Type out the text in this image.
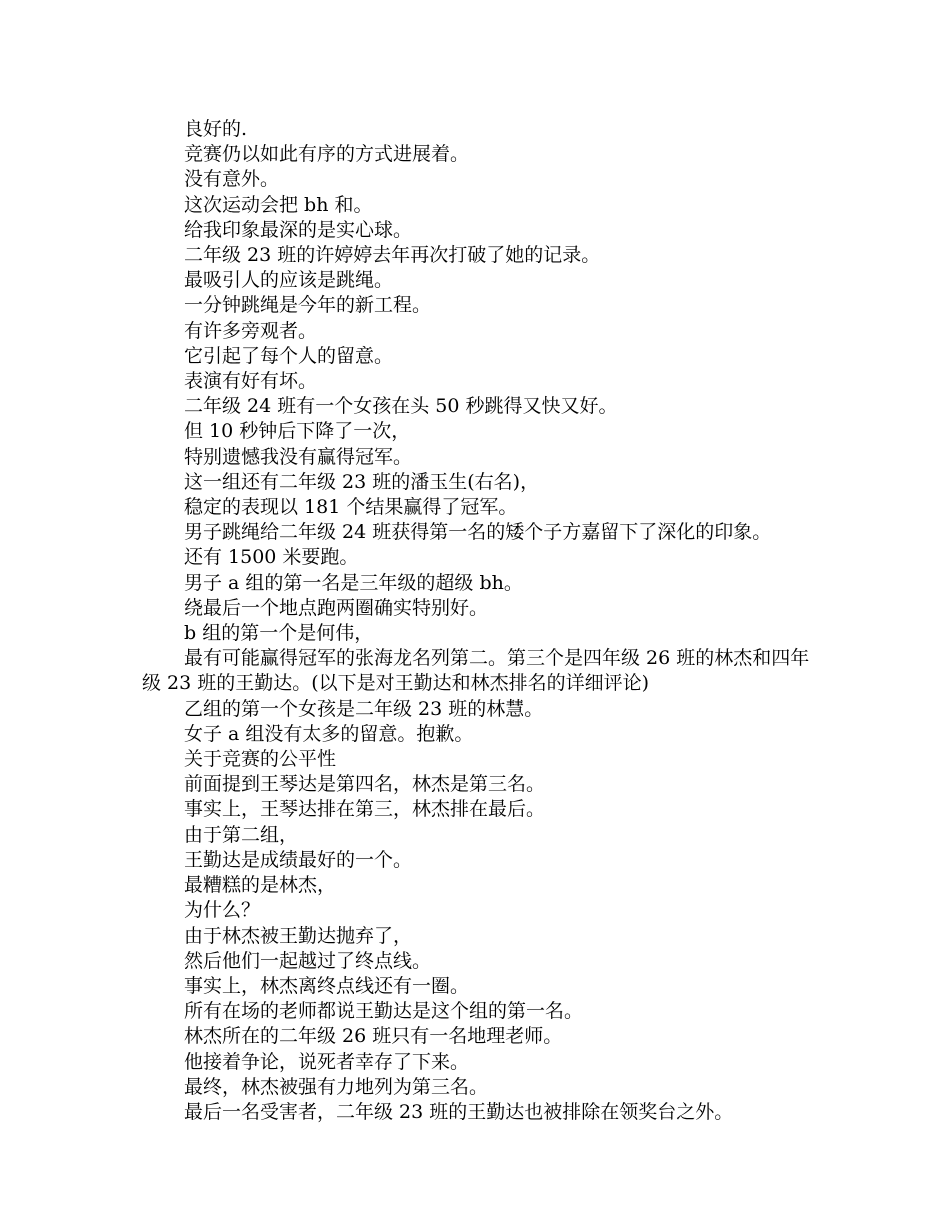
良好的.

竞赛仍以如此有序的方式进展着。

没有意外。

这次运动会把 bh 和。

给我印象最深的是实心球。

二年级 23 班的许婷婷去年再次打破了她的记录。

最吸引人的应该是跳绳。

一分钟跳绳是今年的新工程。

有许多旁观者。

它引起了每个人的留意。

表演有好有坏。

二年级 24 班有一个女孩在头 50 秒跳得又快又好。

但 10 秒钟后下降了一次，

特别遗憾我没有赢得冠军。

这一组还有二年级 23 班的潘玉生(右名)，

稳定的表现以 181 个结果赢得了冠军。

男子跳绳给二年级 24 班获得第一名的矮个子方嘉留下了深化的印象。

还有 1500 米要跑。

男子 a 组的第一名是三年级的超级 bh。

绕最后一个地点跑两圈确实特别好。

b 组的第一个是何伟，

最有可能赢得冠军的张海龙名列第二。第三个是四年级 26 班的林杰和四年级 23 班的王勤达。(以下是对王勤达和林杰排名的详细评论)

乙组的第一个女孩是二年级 23 班的林慧。

女子 a 组没有太多的留意。抱歉。

关于竞赛的公平性

前面提到王琴达是第四名，林杰是第三名。

事实上，王琴达排在第三，林杰排在最后。

由于第二组，

王勤达是成绩最好的一个。

最糟糕的是林杰，

为什么？

由于林杰被王勤达抛弃了，

然后他们一起越过了终点线。

事实上，林杰离终点线还有一圈。

所有在场的老师都说王勤达是这个组的第一名。

林杰所在的二年级 26 班只有一名地理老师。

他接着争论，说死者幸存了下来。

最终，林杰被强有力地列为第三名。

最后一名受害者，二年级 23 班的王勤达也被排除在领奖台之外。
